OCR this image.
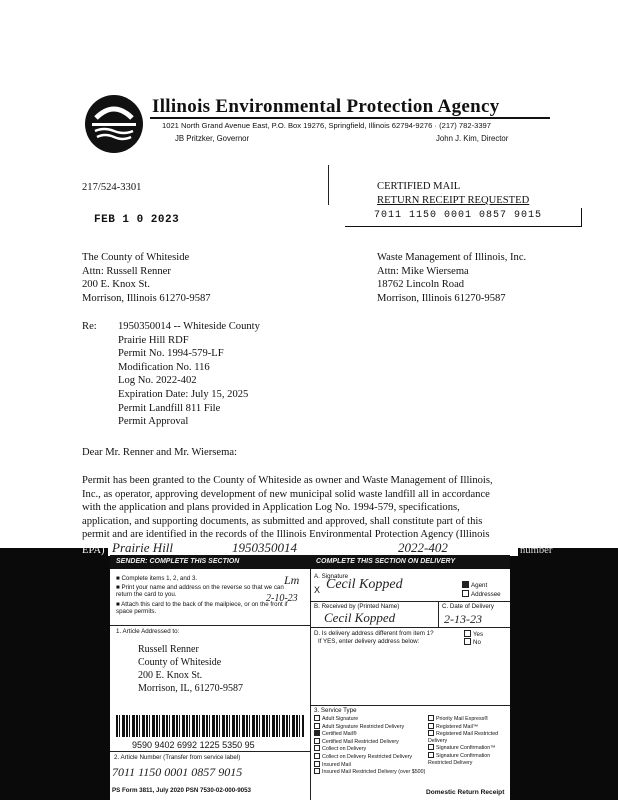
Illinois Environmental Protection Agency
1021 North Grand Avenue East, P.O. Box 19276, Springfield, Illinois 62794-9276 · (217) 782-3397
JB Pritzker, Governor	John J. Kim, Director
217/524-3301
FEB 1 0 2023
CERTIFIED MAIL
RETURN RECEIPT REQUESTED
7011 1150 0001 0857 9015
The County of Whiteside
Attn: Russell Renner
200 E. Knox St.
Morrison, Illinois 61270-9587
Waste Management of Illinois, Inc.
Attn: Mike Wiersema
18762 Lincoln Road
Morrison, Illinois 61270-9587
Re: 1950350014 -- Whiteside County
Prairie Hill RDF
Permit No. 1994-579-LF
Modification No. 116
Log No. 2022-402
Expiration Date: July 15, 2025
Permit Landfill 811 File
Permit Approval
Dear Mr. Renner and Mr. Wiersema:
Permit has been granted to the County of Whiteside as owner and Waste Management of Illinois,
Inc., as operator, approving development of new municipal solid waste landfill all in accordance
with the application and plans provided in Application Log No. 1994-579, specifications,
application, and supporting documents, as submitted and approved, shall constitute part of this
permit and are identified in the records of the Illinois Environmental Protection Agency (Illinois
EPA)	number
Prairie Hill	1950350014	2022-402
SENDER: COMPLETE THIS SECTION
■ Complete items 1, 2, and 3.
■ Print your name and address on the reverse so that we can return the card to you.
■ Attach this card to the back of the mailpiece, or on the front if space permits.
Lm
2-10-23
1. Article Addressed to:
Russell Renner
County of Whiteside
200 E. Knox St.
Morrison, IL, 61270-9587
9590 9402 6992 1225 5350 95
2. Article Number (Transfer from service label)
7011 1150 0001 0857 9015
PS Form 3811, July 2020 PSN 7530-02-000-9053
COMPLETE THIS SECTION ON DELIVERY
A. Signature
X Cecil Kopped	Agent
Addressee
B. Received by (Printed Name)	C. Date of Delivery
Cecil Kopped	2-13-23
D. Is delivery address different from item 1?
If YES, enter delivery address below:
Yes
No
3. Service Type
Adult Signature
Adult Signature Restricted Delivery
Certified Mail®
Certified Mail Restricted Delivery
Collect on Delivery
Collect on Delivery Restricted Delivery
Insured Mail
Insured Mail Restricted Delivery (over $500)
Priority Mail Express®
Registered Mail™
Registered Mail Restricted Delivery
Signature Confirmation™
Signature Confirmation Restricted Delivery
Domestic Return Receipt
